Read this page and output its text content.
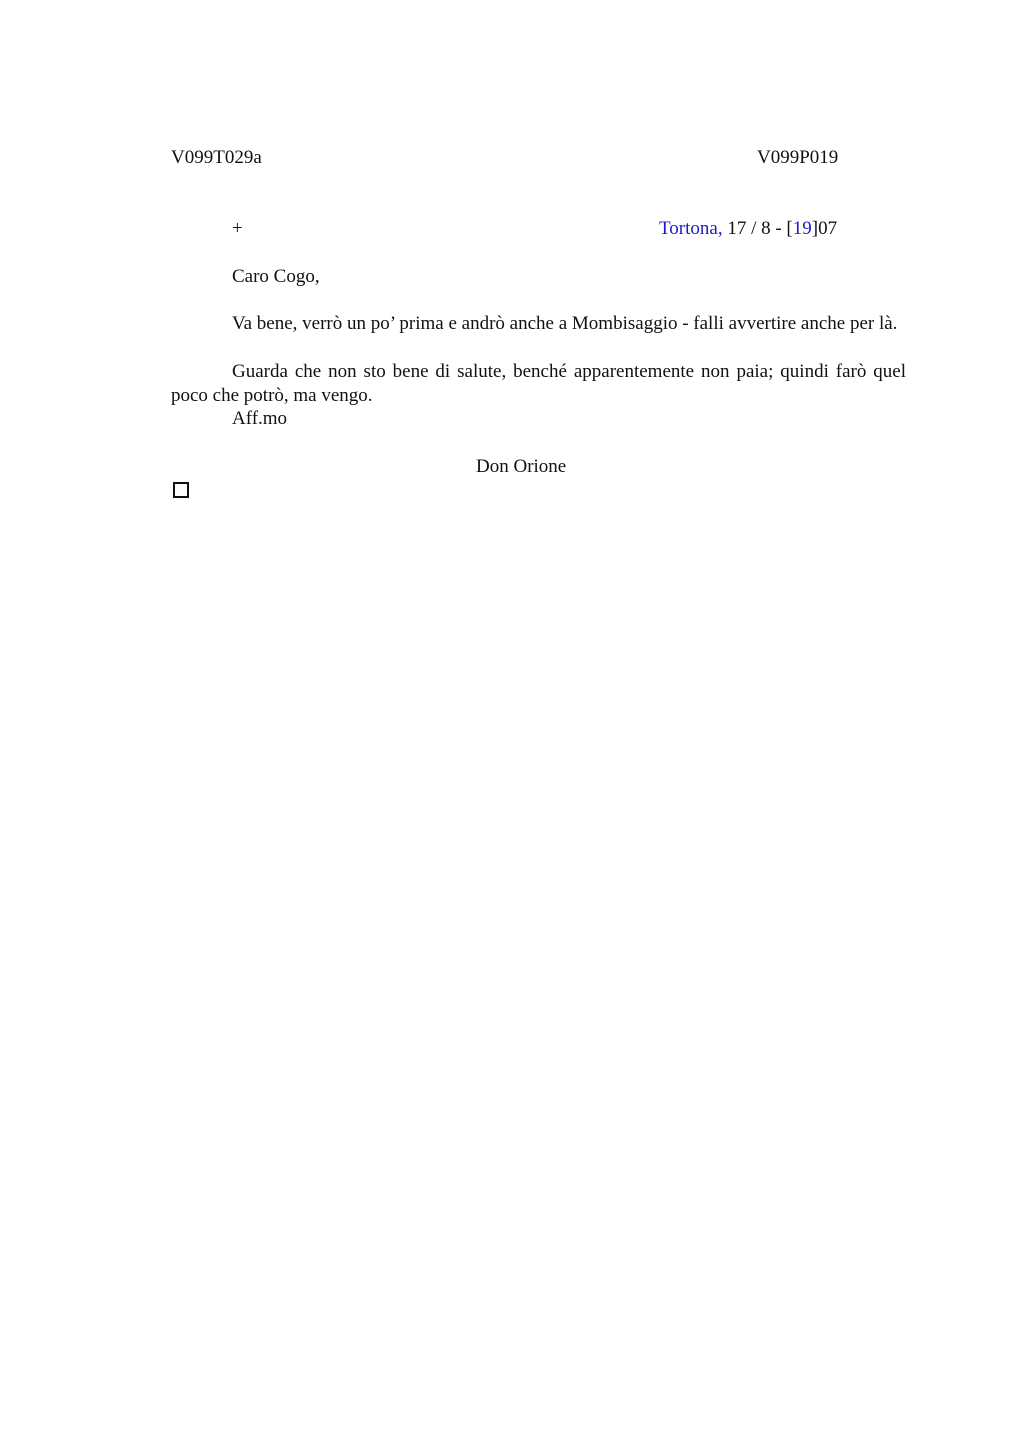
V099T029a	V099P019
+	Tortona, 17 / 8 - [19]07
Caro Cogo,

Va bene, verrò un po’ prima e andrò anche a Mombisaggio - falli avvertire anche per là.

Guarda che non sto bene di salute, benché apparentemente non paia; quindi farò quel poco che potrò, ma vengo.

Aff.mo
Don Orione
